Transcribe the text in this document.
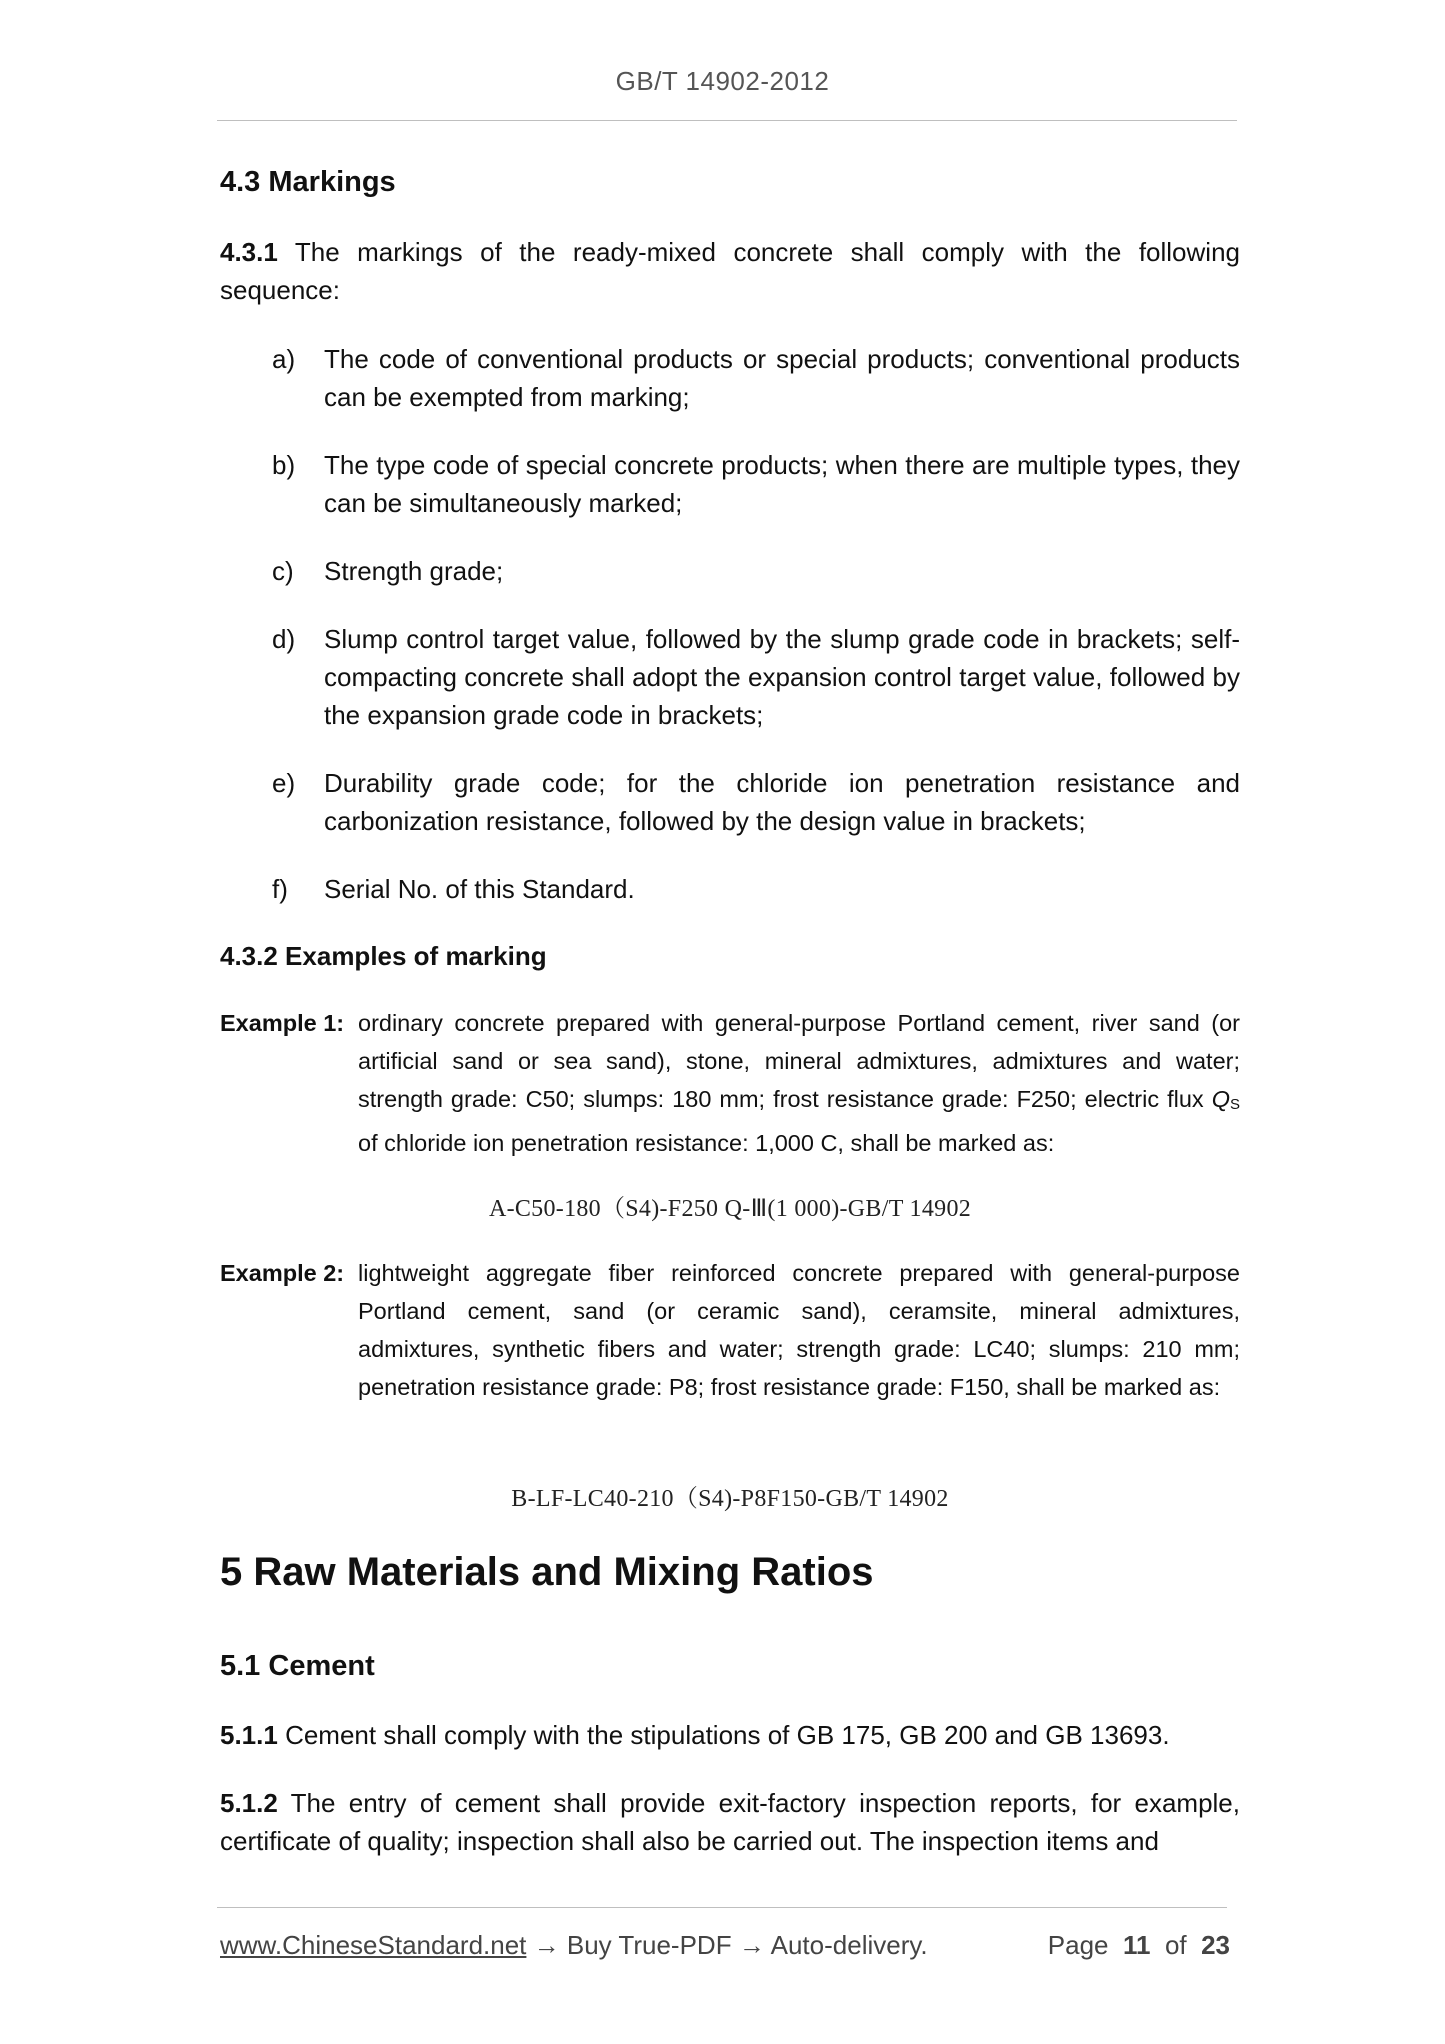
GB/T 14902-2012
4.3 Markings
4.3.1 The markings of the ready-mixed concrete shall comply with the following sequence:
a) The code of conventional products or special products; conventional products can be exempted from marking;
b) The type code of special concrete products; when there are multiple types, they can be simultaneously marked;
c) Strength grade;
d) Slump control target value, followed by the slump grade code in brackets; self-compacting concrete shall adopt the expansion control target value, followed by the expansion grade code in brackets;
e) Durability grade code; for the chloride ion penetration resistance and carbonization resistance, followed by the design value in brackets;
f) Serial No. of this Standard.
4.3.2 Examples of marking
Example 1: ordinary concrete prepared with general-purpose Portland cement, river sand (or artificial sand or sea sand), stone, mineral admixtures, admixtures and water; strength grade: C50; slumps: 180 mm; frost resistance grade: F250; electric flux $Q_S$ of chloride ion penetration resistance: 1,000 C, shall be marked as:
A-C50-180（S4)-F250 Q-Ⅲ(1 000)-GB/T 14902
Example 2: lightweight aggregate fiber reinforced concrete prepared with general-purpose Portland cement, sand (or ceramic sand), ceramsite, mineral admixtures, admixtures, synthetic fibers and water; strength grade: LC40; slumps: 210 mm; penetration resistance grade: P8; frost resistance grade: F150, shall be marked as:
B-LF-LC40-210（S4)-P8F150-GB/T 14902
5 Raw Materials and Mixing Ratios
5.1 Cement
5.1.1 Cement shall comply with the stipulations of GB 175, GB 200 and GB 13693.
5.1.2 The entry of cement shall provide exit-factory inspection reports, for example, certificate of quality; inspection shall also be carried out. The inspection items and
www.ChineseStandard.net → Buy True-PDF → Auto-delivery.	Page 11 of 23
